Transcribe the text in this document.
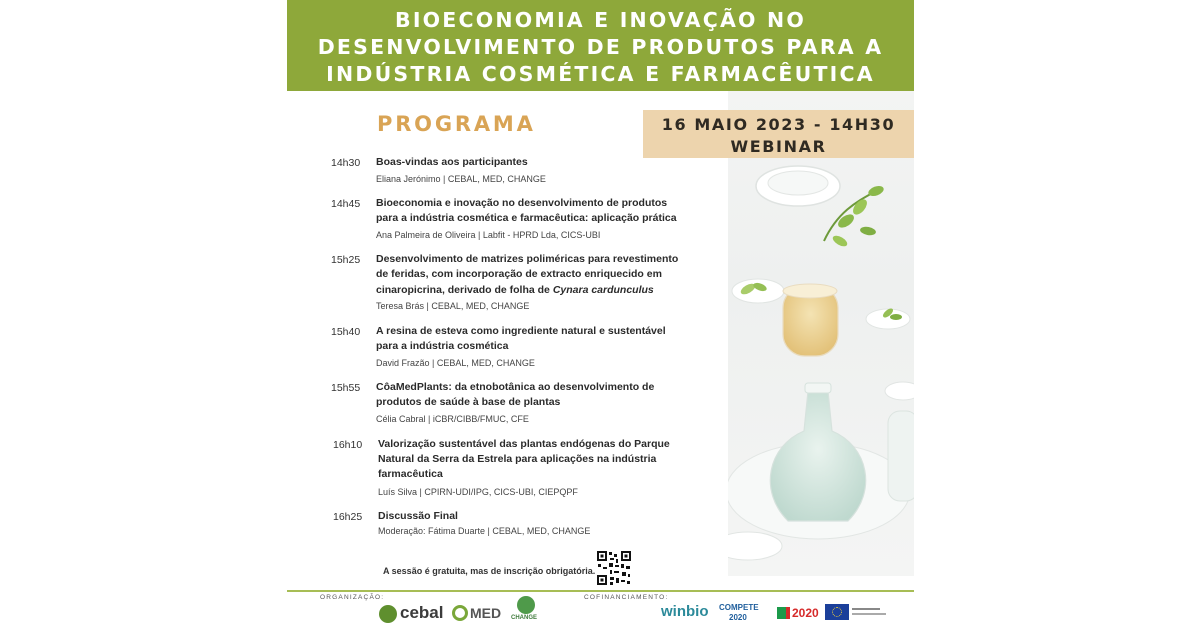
BIOECONOMIA E INOVAÇÃO NO
DESENVOLVIMENTO DE PRODUTOS PARA A
INDÚSTRIA COSMÉTICA E FARMACÊUTICA
16 MAIO 2023 - 14H30
WEBINAR
PROGRAMA
14h30 Boas-vindas aos participantes
Eliana Jerónimo | CEBAL, MED, CHANGE
14h45 Bioeconomia e inovação no desenvolvimento de produtos
para a indústria cosmética e farmacêutica: aplicação prática
Ana Palmeira de Oliveira | Labfit - HPRD Lda, CICS-UBI
15h25 Desenvolvimento de matrizes poliméricas para revestimento
de feridas, com incorporação de extracto enriquecido em
cinaropicrina, derivado de folha de Cynara cardunculus
Teresa Brás | CEBAL, MED, CHANGE
15h40 A resina de esteva como ingrediente natural e sustentável
para a indústria cosmética
David Frazão | CEBAL, MED, CHANGE
15h55 CôaMedPlants: da etnobotânica ao desenvolvimento de
produtos de saúde à base de plantas
Célia Cabral | iCBR/CIBB/FMUC, CFE
16h10 Valorização sustentável das plantas endógenas do Parque
Natural da Serra da Estrela para aplicações na indústria
farmacêutica
Luís Silva | CPIRN-UDI/IPG, CICS-UBI, CIEPQPF
16h25 Discussão Final
Moderação: Fátima Duarte | CEBAL, MED, CHANGE
A sessão é gratuita, mas de inscrição obrigatória.
ORGANIZAÇÃO:	COFINANCIAMENTO:
cebal MED CHANGE	winbio COMPETE
2020	2020
